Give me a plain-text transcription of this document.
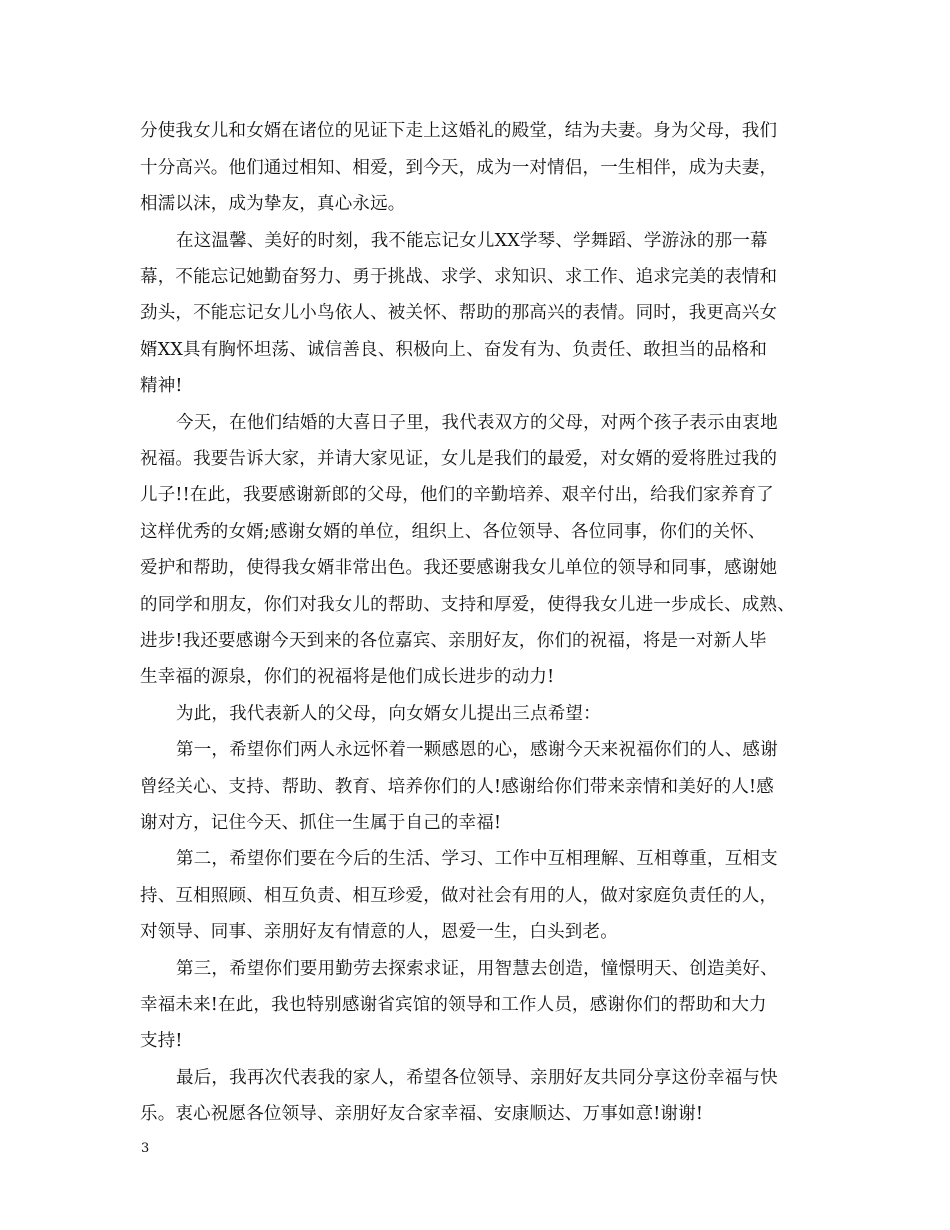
分使我女儿和女婿在诸位的见证下走上这婚礼的殿堂，结为夫妻。身为父母，我们
十分高兴。他们通过相知、相爱，到今天，成为一对情侣，一生相伴，成为夫妻，
相濡以沫，成为挚友，真心永远。
在这温馨、美好的时刻，我不能忘记女儿XX学琴、学舞蹈、学游泳的那一幕
幕，不能忘记她勤奋努力、勇于挑战、求学、求知识、求工作、追求完美的表情和
劲头，不能忘记女儿小鸟依人、被关怀、帮助的那高兴的表情。同时，我更高兴女
婿XX具有胸怀坦荡、诚信善良、积极向上、奋发有为、负责任、敢担当的品格和
精神!
今天，在他们结婚的大喜日子里，我代表双方的父母，对两个孩子表示由衷地
祝福。我要告诉大家，并请大家见证，女儿是我们的最爱，对女婿的爱将胜过我的
儿子!!在此，我要感谢新郎的父母，他们的辛勤培养、艰辛付出，给我们家养育了
这样优秀的女婿;感谢女婿的单位，组织上、各位领导、各位同事，你们的关怀、
爱护和帮助，使得我女婿非常出色。我还要感谢我女儿单位的领导和同事，感谢她
的同学和朋友，你们对我女儿的帮助、支持和厚爱，使得我女儿进一步成长、成熟、
进步!我还要感谢今天到来的各位嘉宾、亲朋好友，你们的祝福，将是一对新人毕
生幸福的源泉，你们的祝福将是他们成长进步的动力!
为此，我代表新人的父母，向女婿女儿提出三点希望：
第一，希望你们两人永远怀着一颗感恩的心，感谢今天来祝福你们的人、感谢
曾经关心、支持、帮助、教育、培养你们的人!感谢给你们带来亲情和美好的人!感
谢对方，记住今天、抓住一生属于自己的幸福!
第二，希望你们要在今后的生活、学习、工作中互相理解、互相尊重，互相支
持、互相照顾、相互负责、相互珍爱，做对社会有用的人，做对家庭负责任的人，
对领导、同事、亲朋好友有情意的人，恩爱一生，白头到老。
第三，希望你们要用勤劳去探索求证，用智慧去创造，憧憬明天、创造美好、
幸福未来!在此，我也特别感谢省宾馆的领导和工作人员，感谢你们的帮助和大力
支持!
最后，我再次代表我的家人，希望各位领导、亲朋好友共同分享这份幸福与快
乐。衷心祝愿各位领导、亲朋好友合家幸福、安康顺达、万事如意!谢谢!
3
